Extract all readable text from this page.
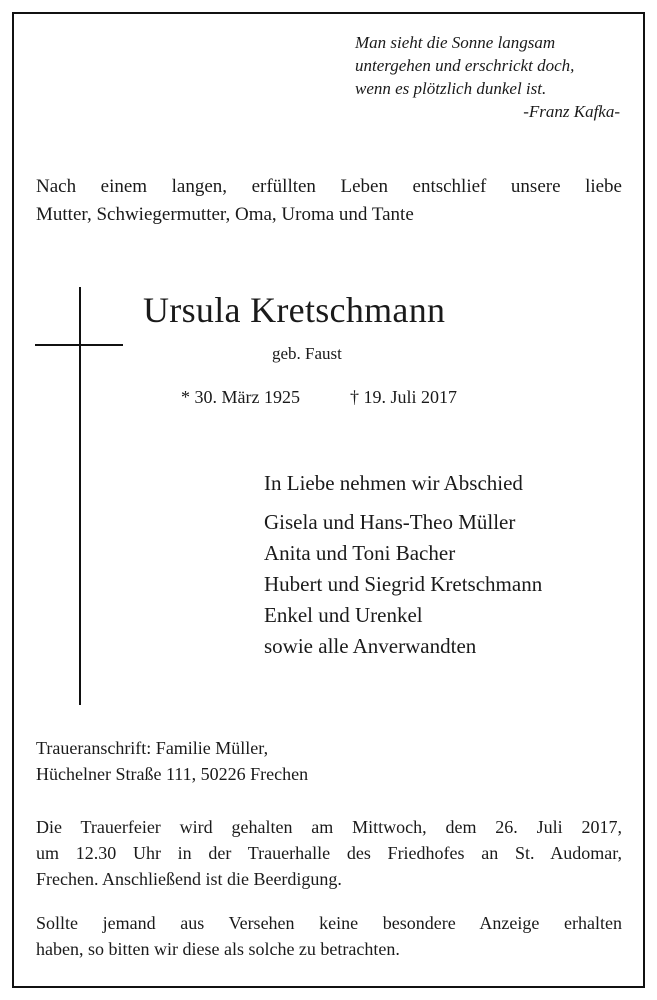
Man sieht die Sonne langsam
untergehen und erschrickt doch,
wenn es plötzlich dunkel ist.
-Franz Kafka-
Nach einem langen, erfüllten Leben entschlief unsere liebe
Mutter, Schwiegermutter, Oma, Uroma und Tante
Ursula Kretschmann
geb. Faust
* 30. März 1925	† 19. Juli 2017
In Liebe nehmen wir Abschied
Gisela und Hans-Theo Müller
Anita und Toni Bacher
Hubert und Siegrid Kretschmann
Enkel und Urenkel
sowie alle Anverwandten
Traueranschrift: Familie Müller,
Hüchelner Straße 111, 50226 Frechen
Die Trauerfeier wird gehalten am Mittwoch, dem 26. Juli 2017,
um 12.30 Uhr in der Trauerhalle des Friedhofes an St. Audomar,
Frechen. Anschließend ist die Beerdigung.
Sollte jemand aus Versehen keine besondere Anzeige erhalten
haben, so bitten wir diese als solche zu betrachten.
